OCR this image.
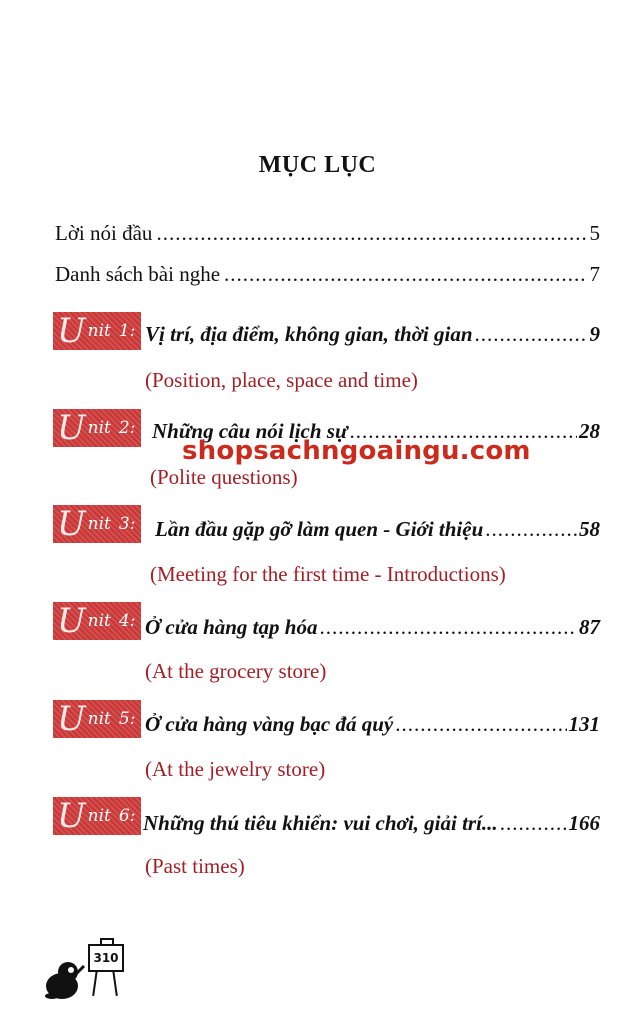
MỤC LỤC
Lời nói đầu .....	5
Danh sách bài nghe .....	7
U nit 1: Vị trí, địa điểm, không gian, thời gian .....	9
(Position, place, space and time)
U nit 2: Những câu nói lịch sự .....	28
(Polite questions)
U nit 3: Lần đầu gặp gỡ làm quen - Giới thiệu .....	58
(Meeting for the first time - Introductions)
U nit 4: Ở cửa hàng tạp hóa .....	87
(At the grocery store)
U nit 5: Ở cửa hàng vàng bạc đá quý .....	131
(At the jewelry store)
U nit 6: Những thú tiêu khiển: vui chơi, giải trí... .....	166
(Past times)
shopsachngoaingu.com
310
